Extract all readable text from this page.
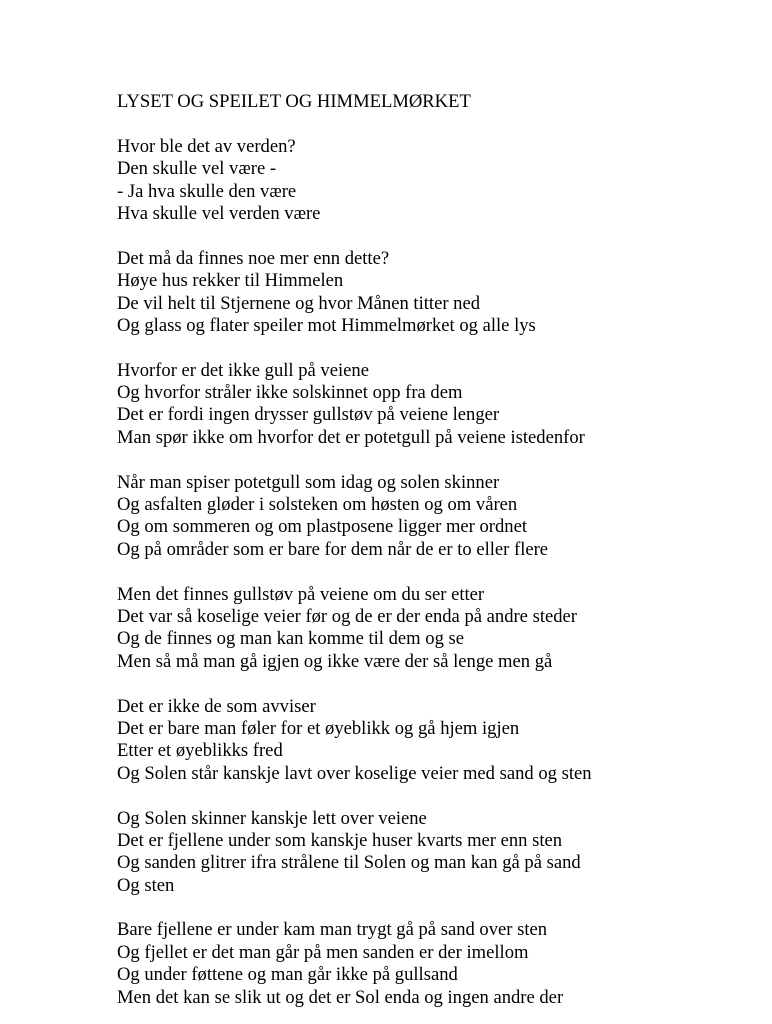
LYSET OG SPEILET OG HIMMELMØRKET
Hvor ble det av verden?
Den skulle vel være -
- Ja hva skulle den være
Hva skulle vel verden være
Det må da finnes noe mer enn dette?
Høye hus rekker til Himmelen
De vil helt til Stjernene og hvor Månen titter ned
Og glass og flater speiler mot Himmelmørket og alle lys
Hvorfor er det ikke gull på veiene
Og hvorfor stråler ikke solskinnet opp fra dem
Det er fordi ingen drysser gullstøv på veiene lenger
Man spør ikke om hvorfor det er potetgull på veiene istedenfor
Når man spiser potetgull som idag og solen skinner
Og asfalten gløder i solsteken om høsten og om våren
Og om sommeren og om plastposene ligger mer ordnet
Og på områder som er bare for dem når de er to eller flere
Men det finnes gullstøv på veiene om du ser etter
Det var så koselige veier før og de er der enda på andre steder
Og de finnes og man kan komme til dem og se
Men så må man gå igjen og ikke være der så lenge men gå
Det er ikke de som avviser
Det er bare man føler for et øyeblikk og gå hjem igjen
Etter et øyeblikks fred
Og Solen står kanskje lavt over koselige veier med sand og sten
Og Solen skinner kanskje lett over veiene
Det er fjellene under som kanskje huser kvarts mer enn sten
Og sanden glitrer ifra strålene til Solen og man kan gå på sand
Og sten
Bare fjellene er under kam man trygt gå på sand over sten
Og fjellet er det man går på men sanden er der imellom
Og under føttene og man går ikke på gullsand
Men det kan se slik ut og det er Sol enda og ingen andre der
